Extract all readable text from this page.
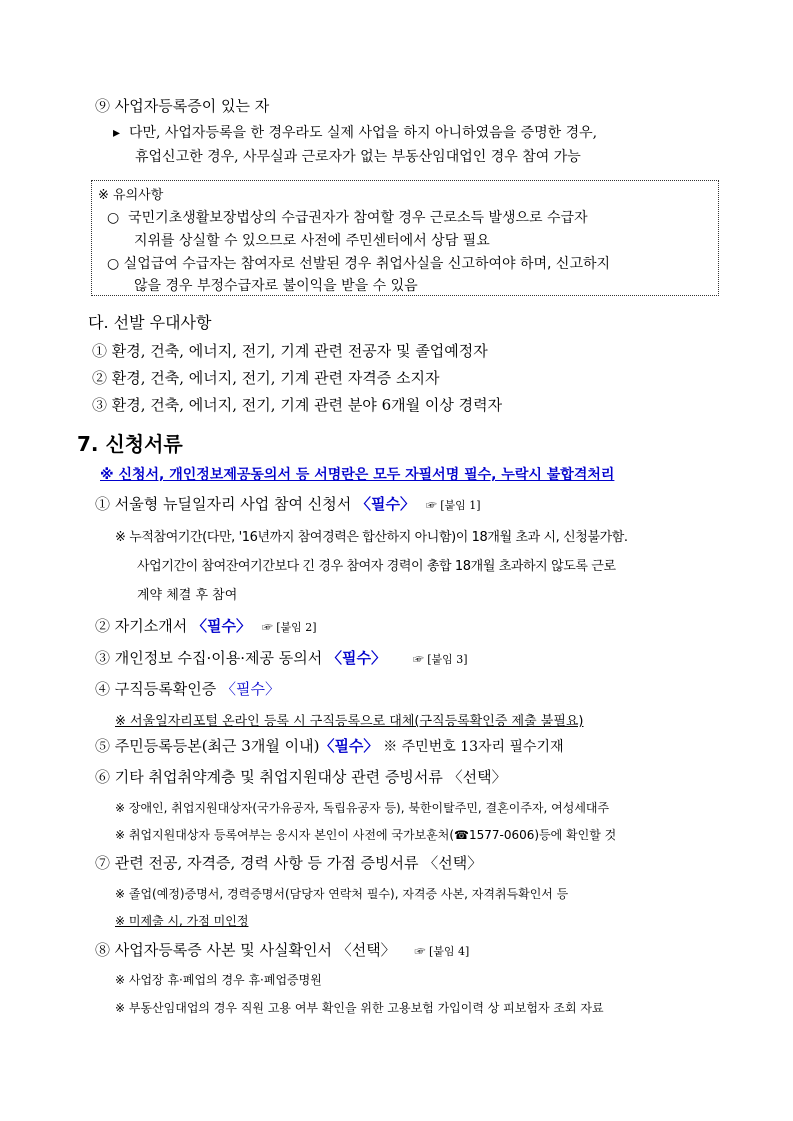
⑨ 사업자등록증이 있는 자
▸ 다만, 사업자등록을 한 경우라도 실제 사업을 하지 아니하였음을 증명한 경우,
휴업신고한 경우, 사무실과 근로자가 없는 부동산임대업인 경우 참여 가능
※ 유의사항
○ 국민기초생활보장법상의 수급권자가 참여할 경우 근로소득 발생으로 수급자
지위를 상실할 수 있으므로 사전에 주민센터에서 상담 필요
○ 실업급여 수급자는 참여자로 선발된 경우 취업사실을 신고하여야 하며, 신고하지
않을 경우 부정수급자로 불이익을 받을 수 있음
다. 선발 우대사항
① 환경, 건축, 에너지, 전기, 기계 관련 전공자 및 졸업예정자
② 환경, 건축, 에너지, 전기, 기계 관련 자격증 소지자
③ 환경, 건축, 에너지, 전기, 기계 관련 분야 6개월 이상 경력자
7. 신청서류
※ 신청서, 개인정보제공동의서 등 서명란은 모두 자필서명 필수, 누락시 불합격처리
① 서울형 뉴딜일자리 사업 참여 신청서 〈필수〉 ☞ [붙임 1]
※ 누적참여기간(다만, '16년까지 참여경력은 합산하지 아니함)이 18개월 초과 시, 신청불가함.
사업기간이 참여잔여기간보다 긴 경우 참여자 경력이 총합 18개월 초과하지 않도록 근로
계약 체결 후 참여
② 자기소개서 〈필수〉 ☞ [붙임 2]
③ 개인정보 수집·이용·제공 동의서 〈필수〉 ☞ [붙임 3]
④ 구직등록확인증 〈필수〉
※ 서울일자리포털 온라인 등록 시 구직등록으로 대체(구직등록확인증 제출 불필요)
⑤ 주민등록등본(최근 3개월 이내)〈필수〉 ※ 주민번호 13자리 필수기재
⑥ 기타 취업취약계층 및 취업지원대상 관련 증빙서류 〈선택〉
※ 장애인, 취업지원대상자(국가유공자, 독립유공자 등), 북한이탈주민, 결혼이주자, 여성세대주
※ 취업지원대상자 등록여부는 응시자 본인이 사전에 국가보훈처(☎1577-0606)등에 확인할 것
⑦ 관련 전공, 자격증, 경력 사항 등 가점 증빙서류 〈선택〉
※ 졸업(예정)증명서, 경력증명서(담당자 연락처 필수), 자격증 사본, 자격취득확인서 등
※ 미제출 시, 가점 미인정
⑧ 사업자등록증 사본 및 사실확인서 〈선택〉 ☞ [붙임 4]
※ 사업장 휴·폐업의 경우 휴·폐업증명원
※ 부동산임대업의 경우 직원 고용 여부 확인을 위한 고용보험 가입이력 상 피보험자 조회 자료
